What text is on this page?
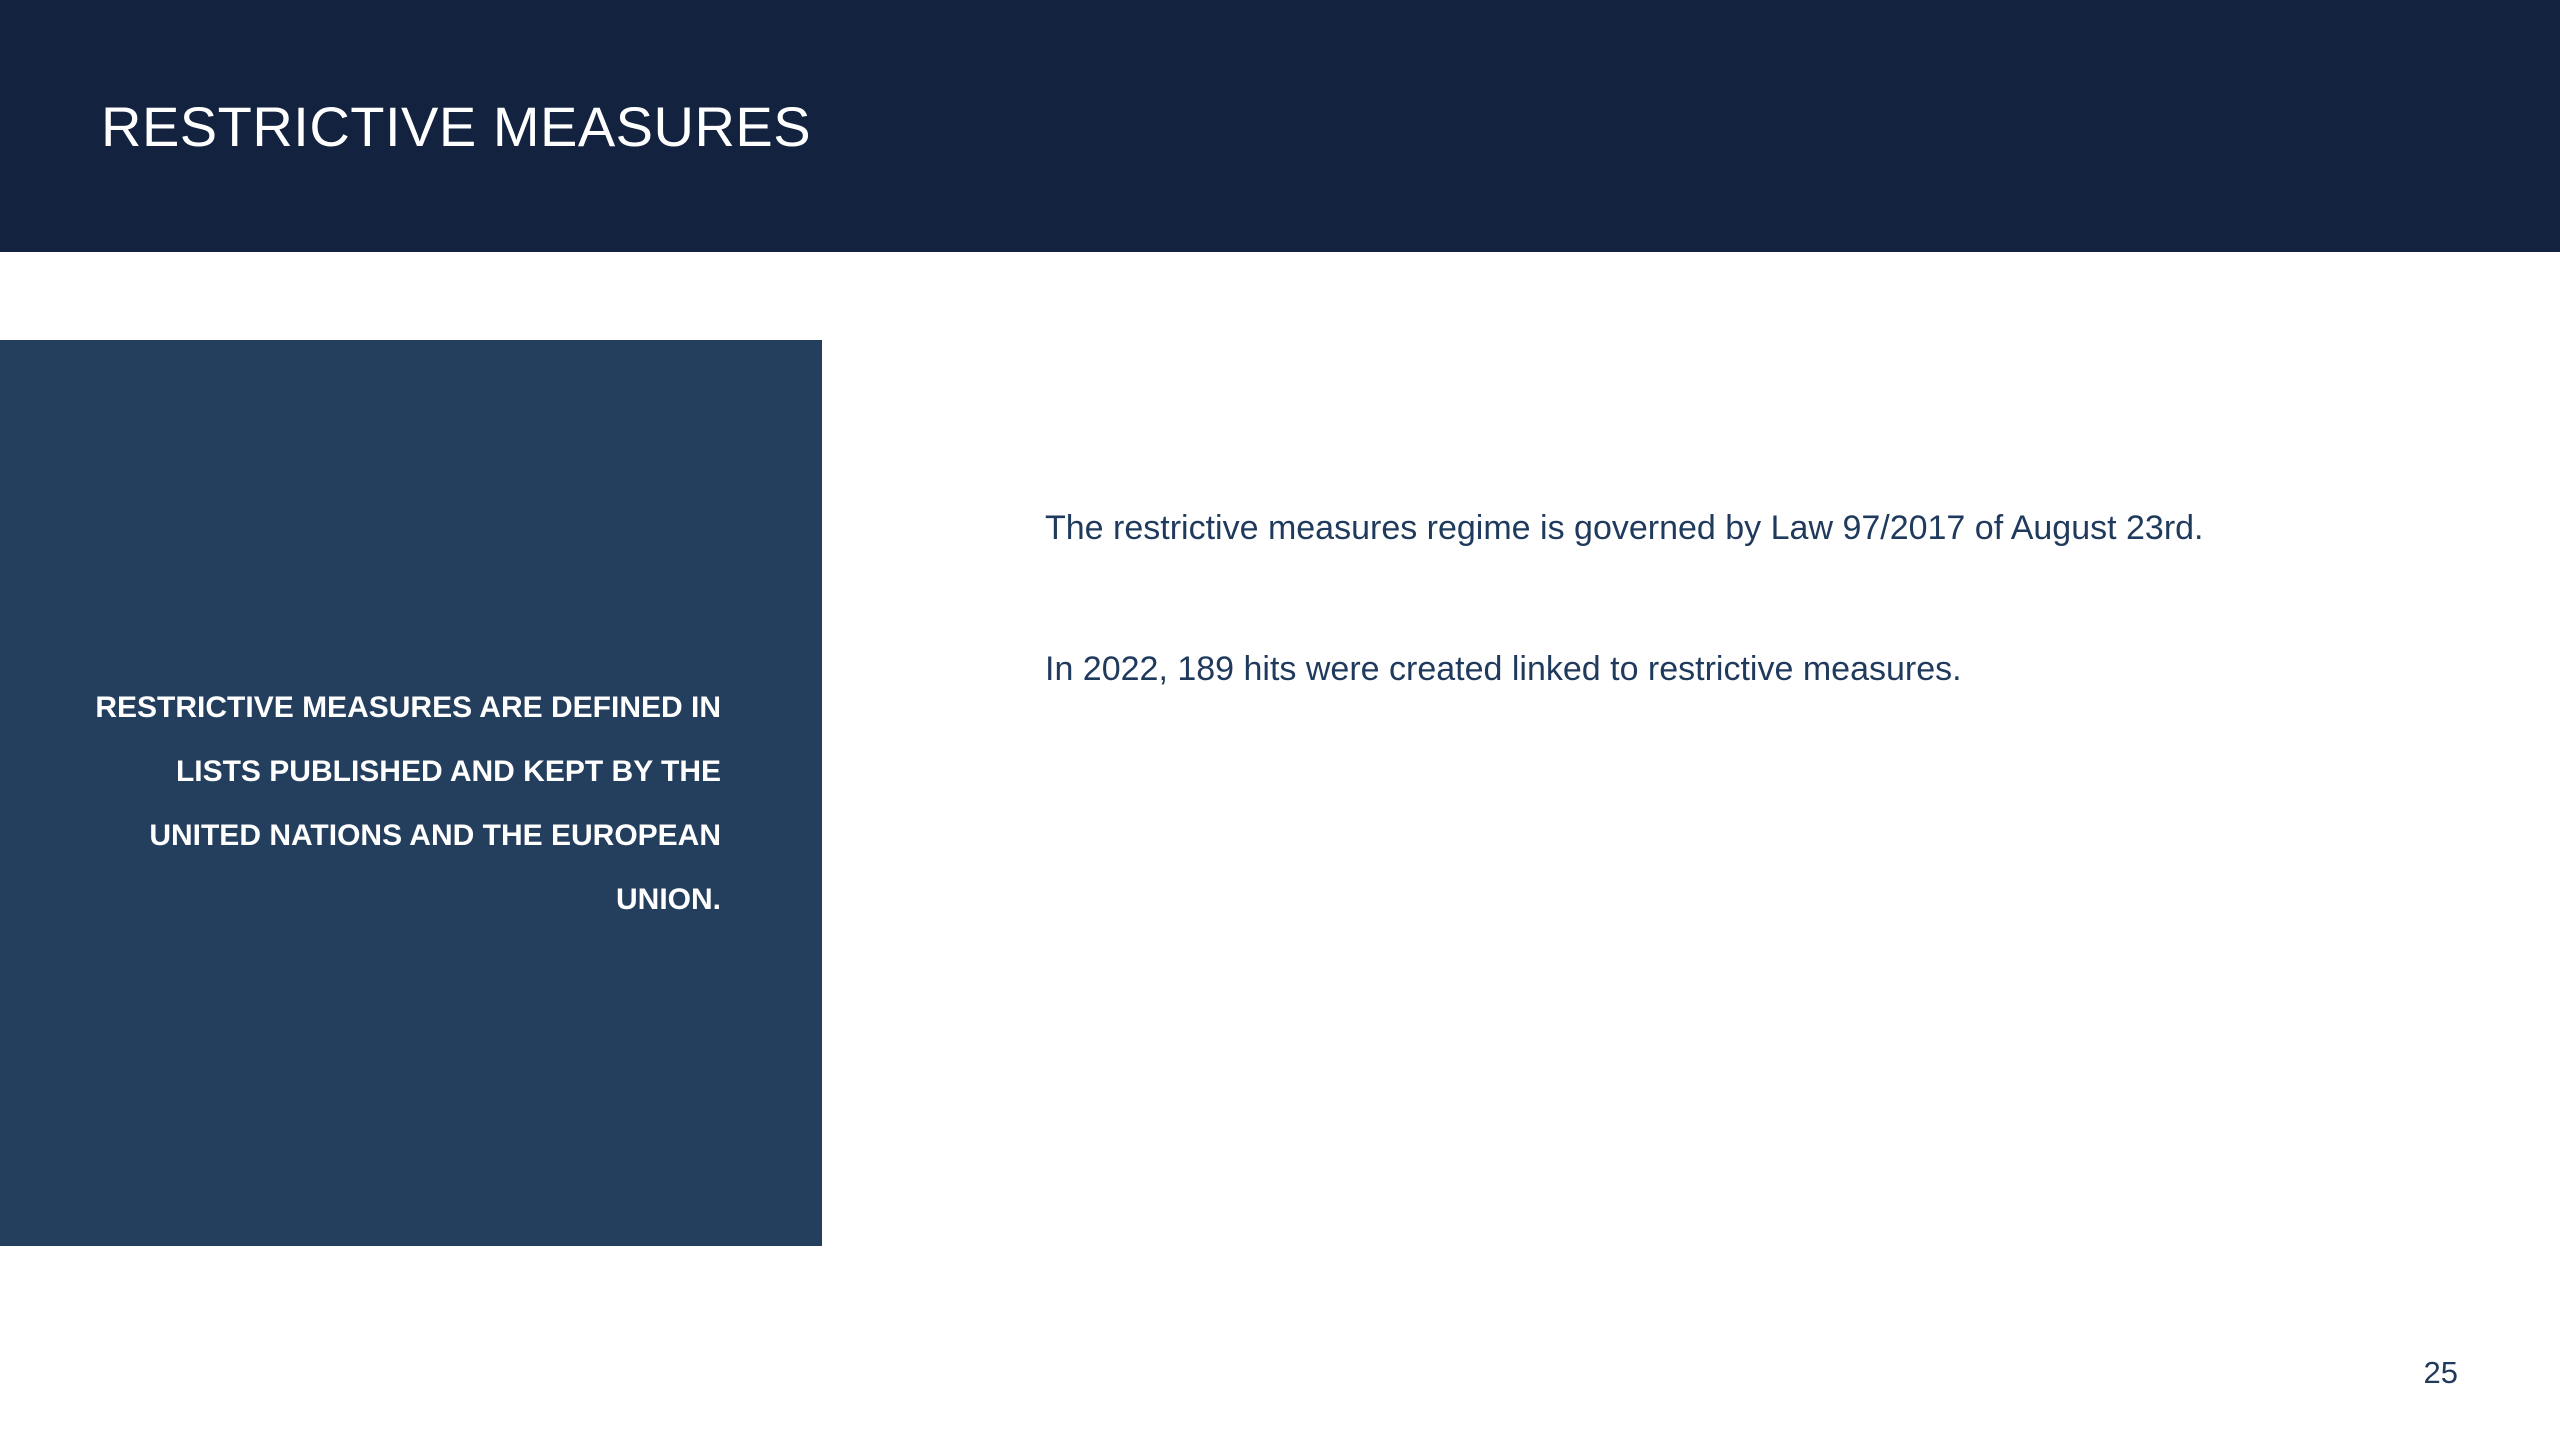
RESTRICTIVE MEASURES

RESTRICTIVE MEASURES ARE DEFINED IN LISTS PUBLISHED AND KEPT BY THE UNITED NATIONS AND THE EUROPEAN UNION.

The restrictive measures regime is governed by Law 97/2017 of August 23rd.

In 2022, 189 hits were created linked to restrictive measures.

25
